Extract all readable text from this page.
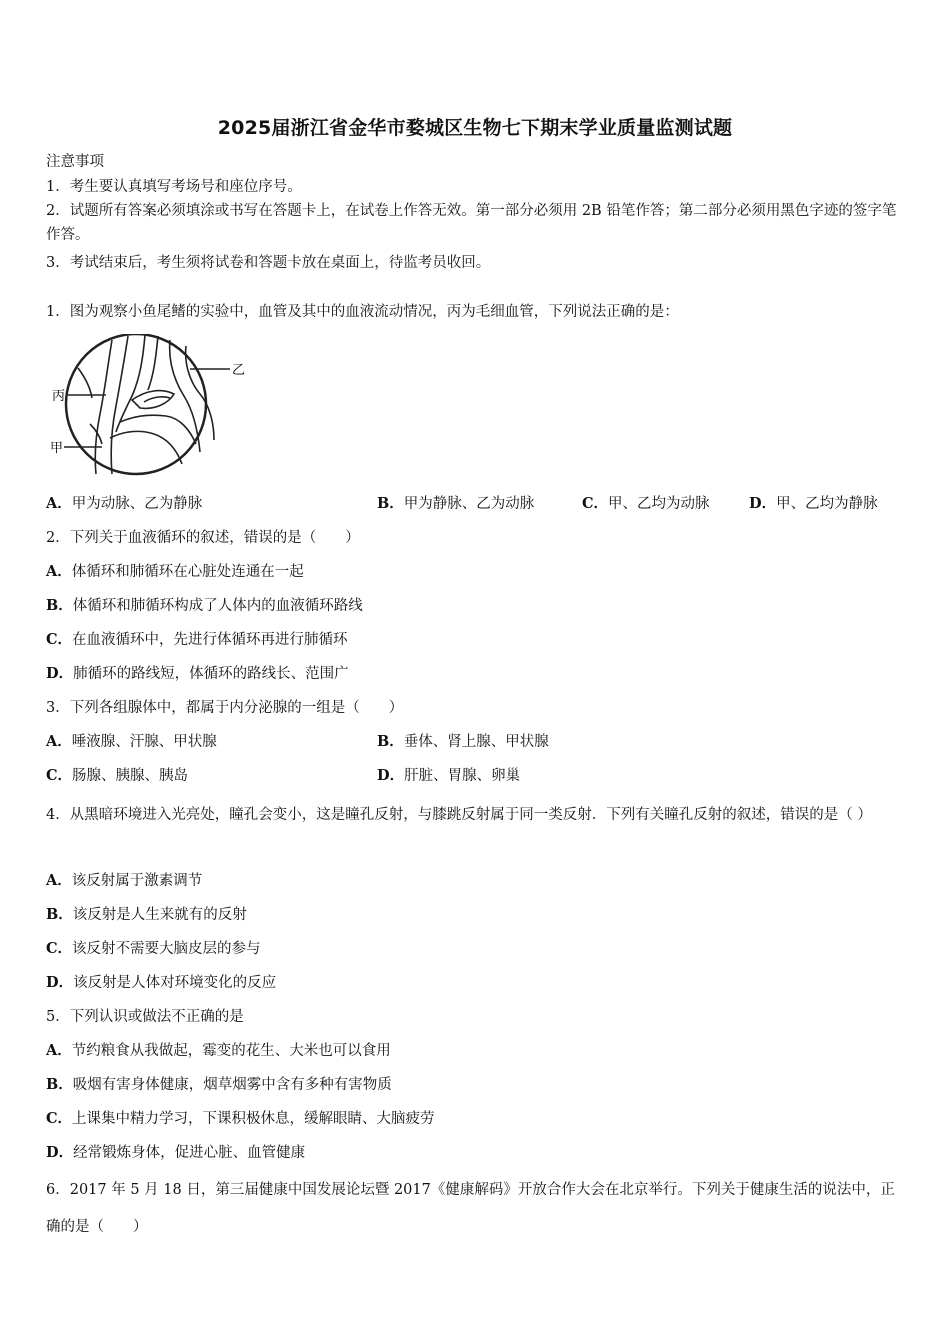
2025届浙江省金华市婺城区生物七下期末学业质量监测试题
注意事项
1．考生要认真填写考场号和座位序号。
2．试题所有答案必须填涂或书写在答题卡上，在试卷上作答无效。第一部分必须用 2B 铅笔作答；第二部分必须用黑色字迹的签字笔作答。
3．考试结束后，考生须将试卷和答题卡放在桌面上，待监考员收回。
1．图为观察小鱼尾鳍的实验中，血管及其中的血液流动情况，丙为毛细血管，下列说法正确的是：
乙
丙
甲
A．甲为动脉、乙为静脉	B．甲为静脉、乙为动脉	C．甲、乙均为动脉	D．甲、乙均为静脉
2．下列关于血液循环的叙述，错误的是（　　）
A．体循环和肺循环在心脏处连通在一起
B．体循环和肺循环构成了人体内的血液循环路线
C．在血液循环中，先进行体循环再进行肺循环
D．肺循环的路线短，体循环的路线长、范围广
3．下列各组腺体中，都属于内分泌腺的一组是（　　）
A．唾液腺、汗腺、甲状腺	B．垂体、肾上腺、甲状腺
C．肠腺、胰腺、胰岛	D．肝脏、胃腺、卵巢
4．从黑暗环境进入光亮处，瞳孔会变小，这是瞳孔反射，与膝跳反射属于同一类反射．下列有关瞳孔反射的叙述，错误的是（ ）
A．该反射属于激素调节
B．该反射是人生来就有的反射
C．该反射不需要大脑皮层的参与
D．该反射是人体对环境变化的反应
5．下列认识或做法不正确的是
A．节约粮食从我做起，霉变的花生、大米也可以食用
B．吸烟有害身体健康，烟草烟雾中含有多种有害物质
C．上课集中精力学习，下课积极休息，缓解眼睛、大脑疲劳
D．经常锻炼身体，促进心脏、血管健康
6．2017 年 5 月 18 日，第三届健康中国发展论坛暨 2017《健康解码》开放合作大会在北京举行。下列关于健康生活的说法中，正确的是（　　）
